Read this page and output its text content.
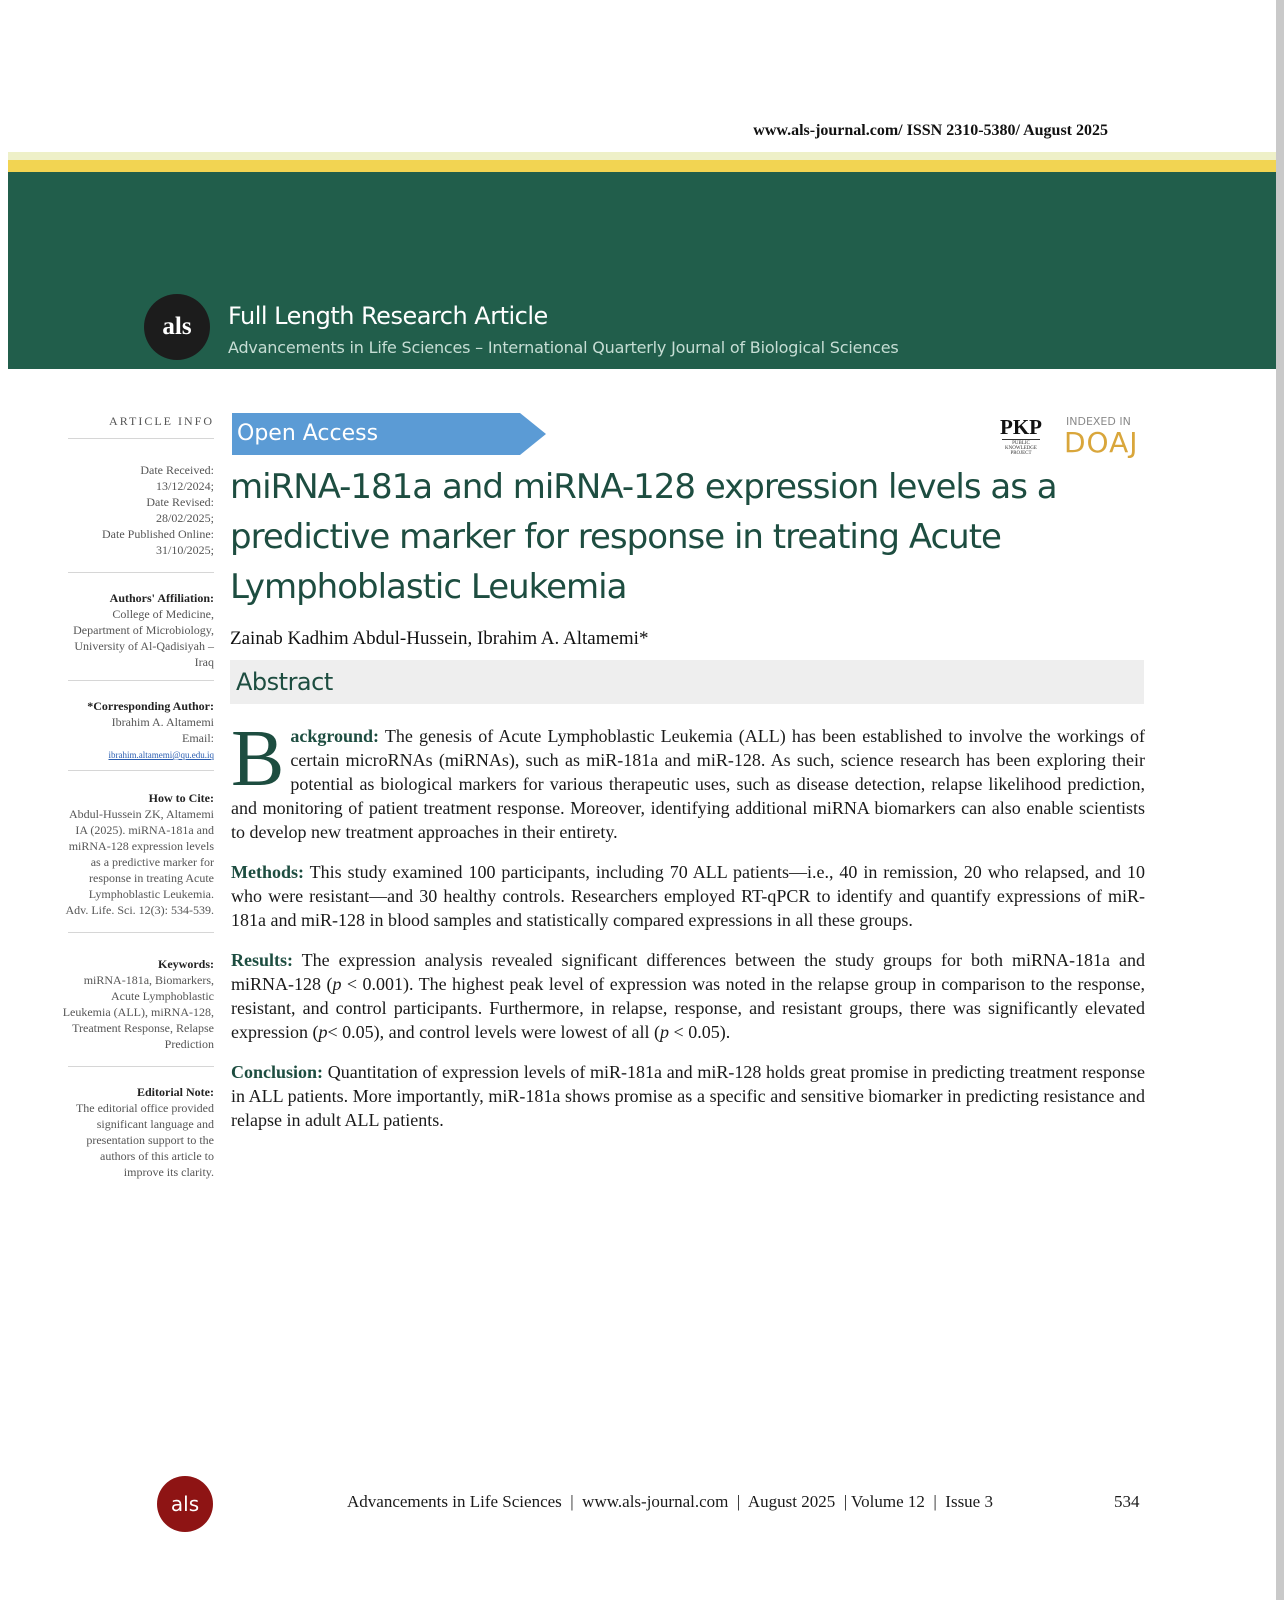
www.als-journal.com/ ISSN 2310-5380/ August 2025
als	Full Length Research Article
Advancements in Life Sciences – International Quarterly Journal of Biological Sciences
ARTICLE INFO
Date Received:
13/12/2024;
Date Revised:
28/02/2025;
Date Published Online:
31/10/2025;
Authors' Affiliation:
College of Medicine,
Department of Microbiology,
University of Al-Qadisiyah –
Iraq
*Corresponding Author:
Ibrahim A. Altamemi
Email:
ibrahim.altamemi@qu.edu.iq
How to Cite:
Abdul-Hussein ZK, Altamemi
IA (2025). miRNA-181a and
miRNA-128 expression levels
as a predictive marker for
response in treating Acute
Lymphoblastic Leukemia.
Adv. Life. Sci. 12(3): 534-539.
Keywords:
miRNA-181a, Biomarkers,
Acute Lymphoblastic
Leukemia (ALL), miRNA-128,
Treatment Response, Relapse
Prediction
Editorial Note:
The editorial office provided
significant language and
presentation support to the
authors of this article to
improve its clarity.
Open Access	PKP
PUBLIC
KNOWLEDGE
PROJECT
INDEXED IN
DOAJ
miRNA-181a and miRNA-128 expression levels as a
predictive marker for response in treating Acute
Lymphoblastic Leukemia
Zainab Kadhim Abdul-Hussein, Ibrahim A. Altamemi*
Abstract

Background: The genesis of Acute Lymphoblastic Leukemia (ALL) has been established to involve the workings of certain microRNAs (miRNAs), such as miR-181a and miR-128. As such, science research has been exploring their potential as biological markers for various therapeutic uses, such as disease detection, relapse likelihood prediction, and monitoring of patient treatment response. Moreover, identifying additional miRNA biomarkers can also enable scientists to develop new treatment approaches in their entirety.

Methods: This study examined 100 participants, including 70 ALL patients—i.e., 40 in remission, 20 who relapsed, and 10 who were resistant—and 30 healthy controls. Researchers employed RT-qPCR to identify and quantify expressions of miR-181a and miR-128 in blood samples and statistically compared expressions in all these groups.

Results: The expression analysis revealed significant differences between the study groups for both miRNA-181a and miRNA-128 (p < 0.001). The highest peak level of expression was noted in the relapse group in comparison to the response, resistant, and control participants. Furthermore, in relapse, response, and resistant groups, there was significantly elevated expression (p< 0.05), and control levels were lowest of all (p < 0.05).

Conclusion: Quantitation of expression levels of miR-181a and miR-128 holds great promise in predicting treatment response in ALL patients. More importantly, miR-181a shows promise as a specific and sensitive biomarker in predicting resistance and relapse in adult ALL patients.

als	Advancements in Life Sciences  |  www.als-journal.com  |  August 2025  | Volume 12  |  Issue 3	534
